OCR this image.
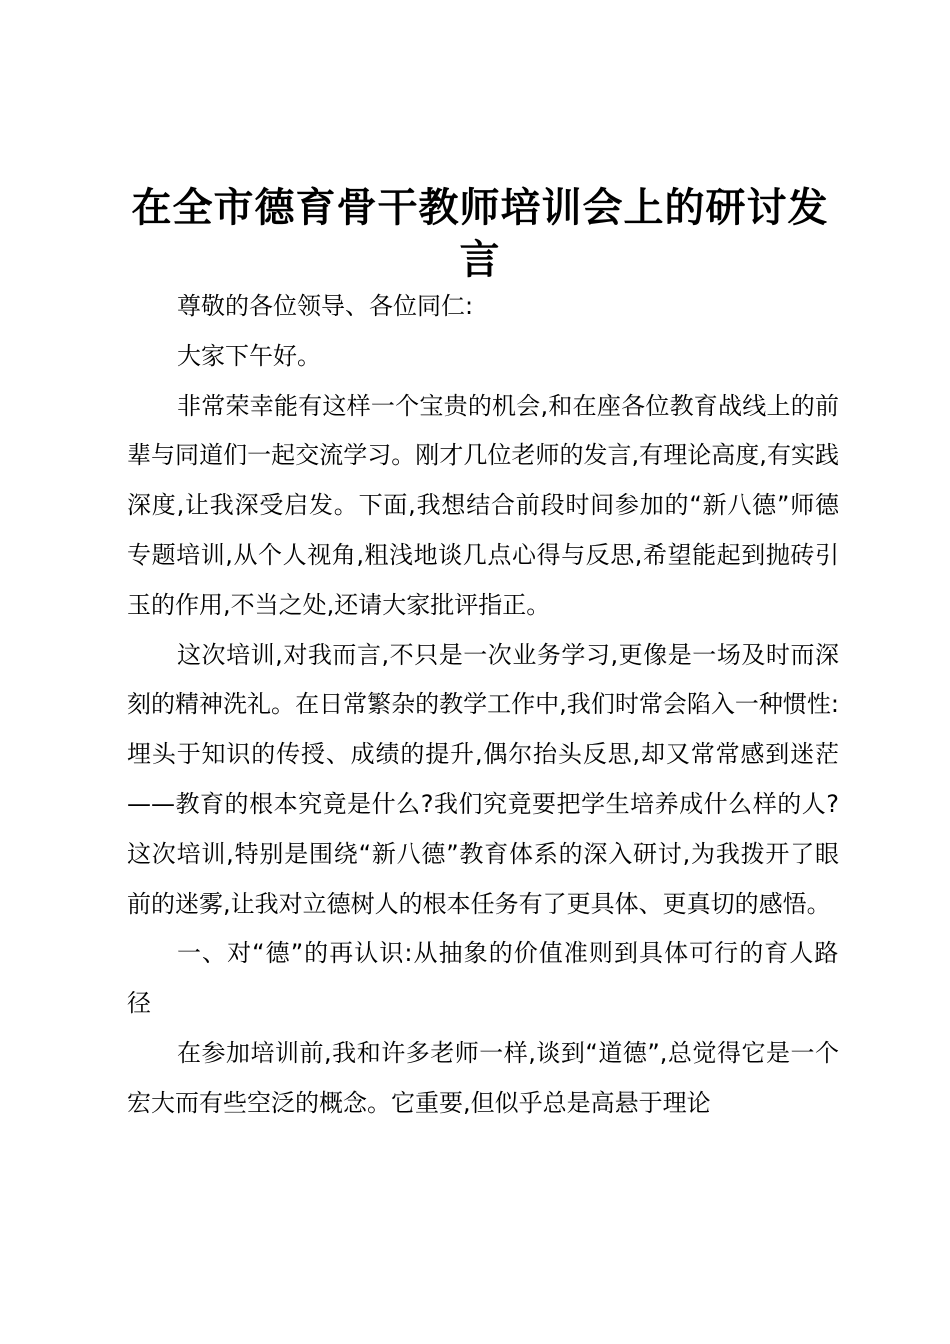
在全市德育骨干教师培训会上的研讨发言

尊敬的各位领导、各位同仁:

大家下午好。

非常荣幸能有这样一个宝贵的机会,和在座各位教育战线上的前辈与同道们一起交流学习。刚才几位老师的发言,有理论高度,有实践深度,让我深受启发。下面,我想结合前段时间参加的“新八德”师德专题培训,从个人视角,粗浅地谈几点心得与反思,希望能起到抛砖引玉的作用,不当之处,还请大家批评指正。

这次培训,对我而言,不只是一次业务学习,更像是一场及时而深刻的精神洗礼。在日常繁杂的教学工作中,我们时常会陷入一种惯性:埋头于知识的传授、成绩的提升,偶尔抬头反思,却又常常感到迷茫——教育的根本究竟是什么?我们究竟要把学生培养成什么样的人?这次培训,特别是围绕“新八德”教育体系的深入研讨,为我拨开了眼前的迷雾,让我对立德树人的根本任务有了更具体、更真切的感悟。

一、对“德”的再认识:从抽象的价值准则到具体可行的育人路径

在参加培训前,我和许多老师一样,谈到“道德”,总觉得它是一个宏大而有些空泛的概念。它重要,但似乎总是高悬于理论
